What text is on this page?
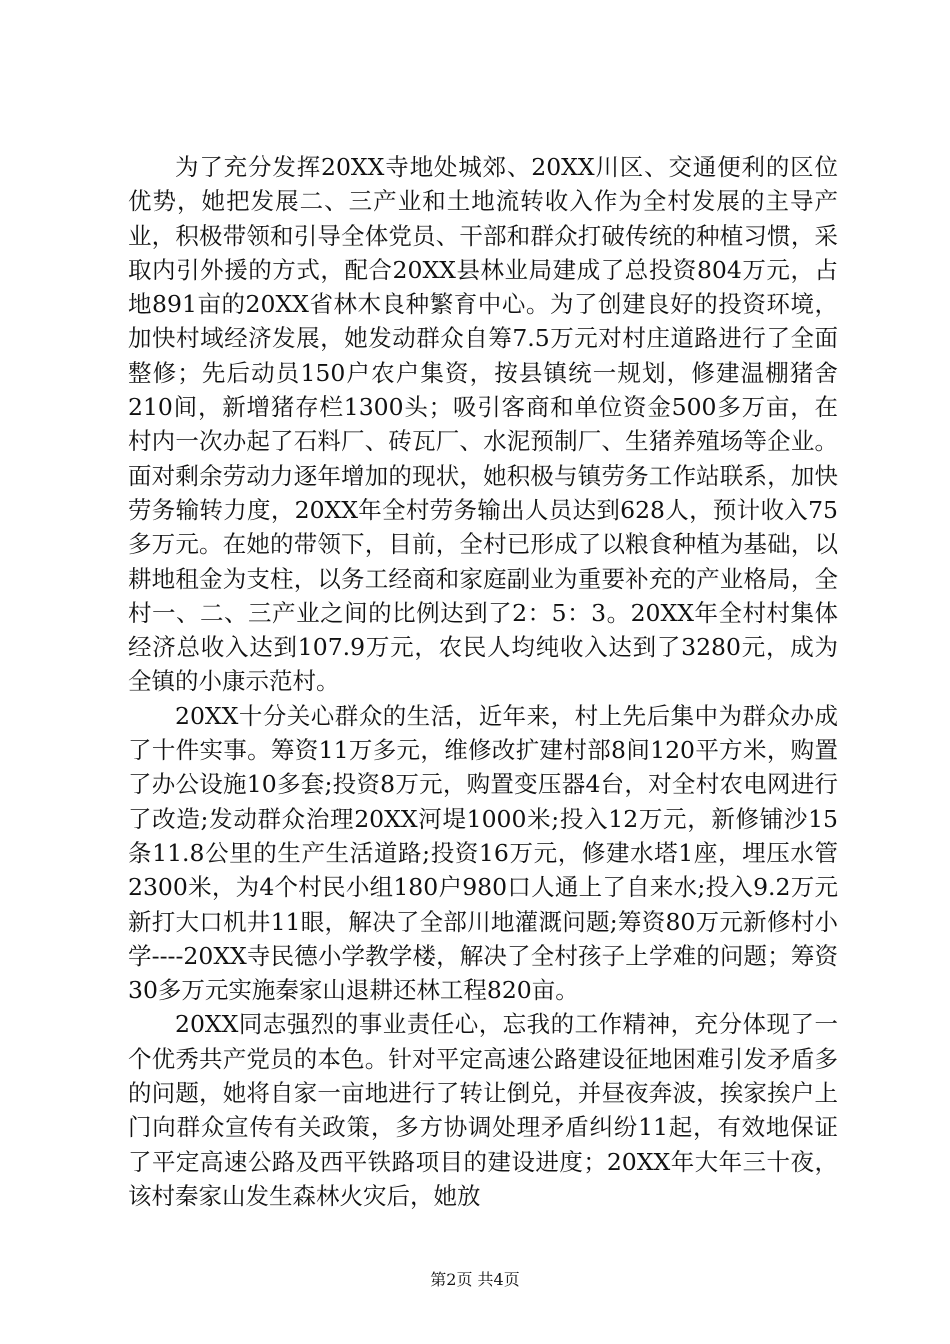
为了充分发挥20XX寺地处城郊、20XX川区、交通便利的区位优势，她把发展二、三产业和土地流转收入作为全村发展的主导产业，积极带领和引导全体党员、干部和群众打破传统的种植习惯，采取内引外援的方式，配合20XX县林业局建成了总投资804万元，占地891亩的20XX省林木良种繁育中心。为了创建良好的投资环境，加快村域经济发展，她发动群众自筹7.5万元对村庄道路进行了全面整修；先后动员150户农户集资，按县镇统一规划，修建温棚猪舍210间，新增猪存栏1300头；吸引客商和单位资金500多万亩，在村内一次办起了石料厂、砖瓦厂、水泥预制厂、生猪养殖场等企业。面对剩余劳动力逐年增加的现状，她积极与镇劳务工作站联系，加快劳务输转力度，20XX年全村劳务输出人员达到628人，预计收入75多万元。在她的带领下，目前，全村已形成了以粮食种植为基础，以耕地租金为支柱，以务工经商和家庭副业为重要补充的产业格局，全村一、二、三产业之间的比例达到了2：5：3。20XX年全村村集体经济总收入达到107.9万元，农民人均纯收入达到了3280元，成为全镇的小康示范村。

20XX十分关心群众的生活，近年来，村上先后集中为群众办成了十件实事。筹资11万多元，维修改扩建村部8间120平方米，购置了办公设施10多套;投资8万元，购置变压器4台，对全村农电网进行了改造;发动群众治理20XX河堤1000米;投入12万元，新修铺沙15条11.8公里的生产生活道路;投资16万元，修建水塔1座，埋压水管2300米，为4个村民小组180户980口人通上了自来水;投入9.2万元新打大口机井11眼，解决了全部川地灌溉问题;筹资80万元新修村小学----20XX寺民德小学教学楼，解决了全村孩子上学难的问题；筹资30多万元实施秦家山退耕还林工程820亩。

20XX同志强烈的事业责任心，忘我的工作精神，充分体现了一个优秀共产党员的本色。针对平定高速公路建设征地困难引发矛盾多的问题，她将自家一亩地进行了转让倒兑，并昼夜奔波，挨家挨户上门向群众宣传有关政策，多方协调处理矛盾纠纷11起，有效地保证了平定高速公路及西平铁路项目的建设进度；20XX年大年三十夜，该村秦家山发生森林火灾后，她放

第2页 共4页
